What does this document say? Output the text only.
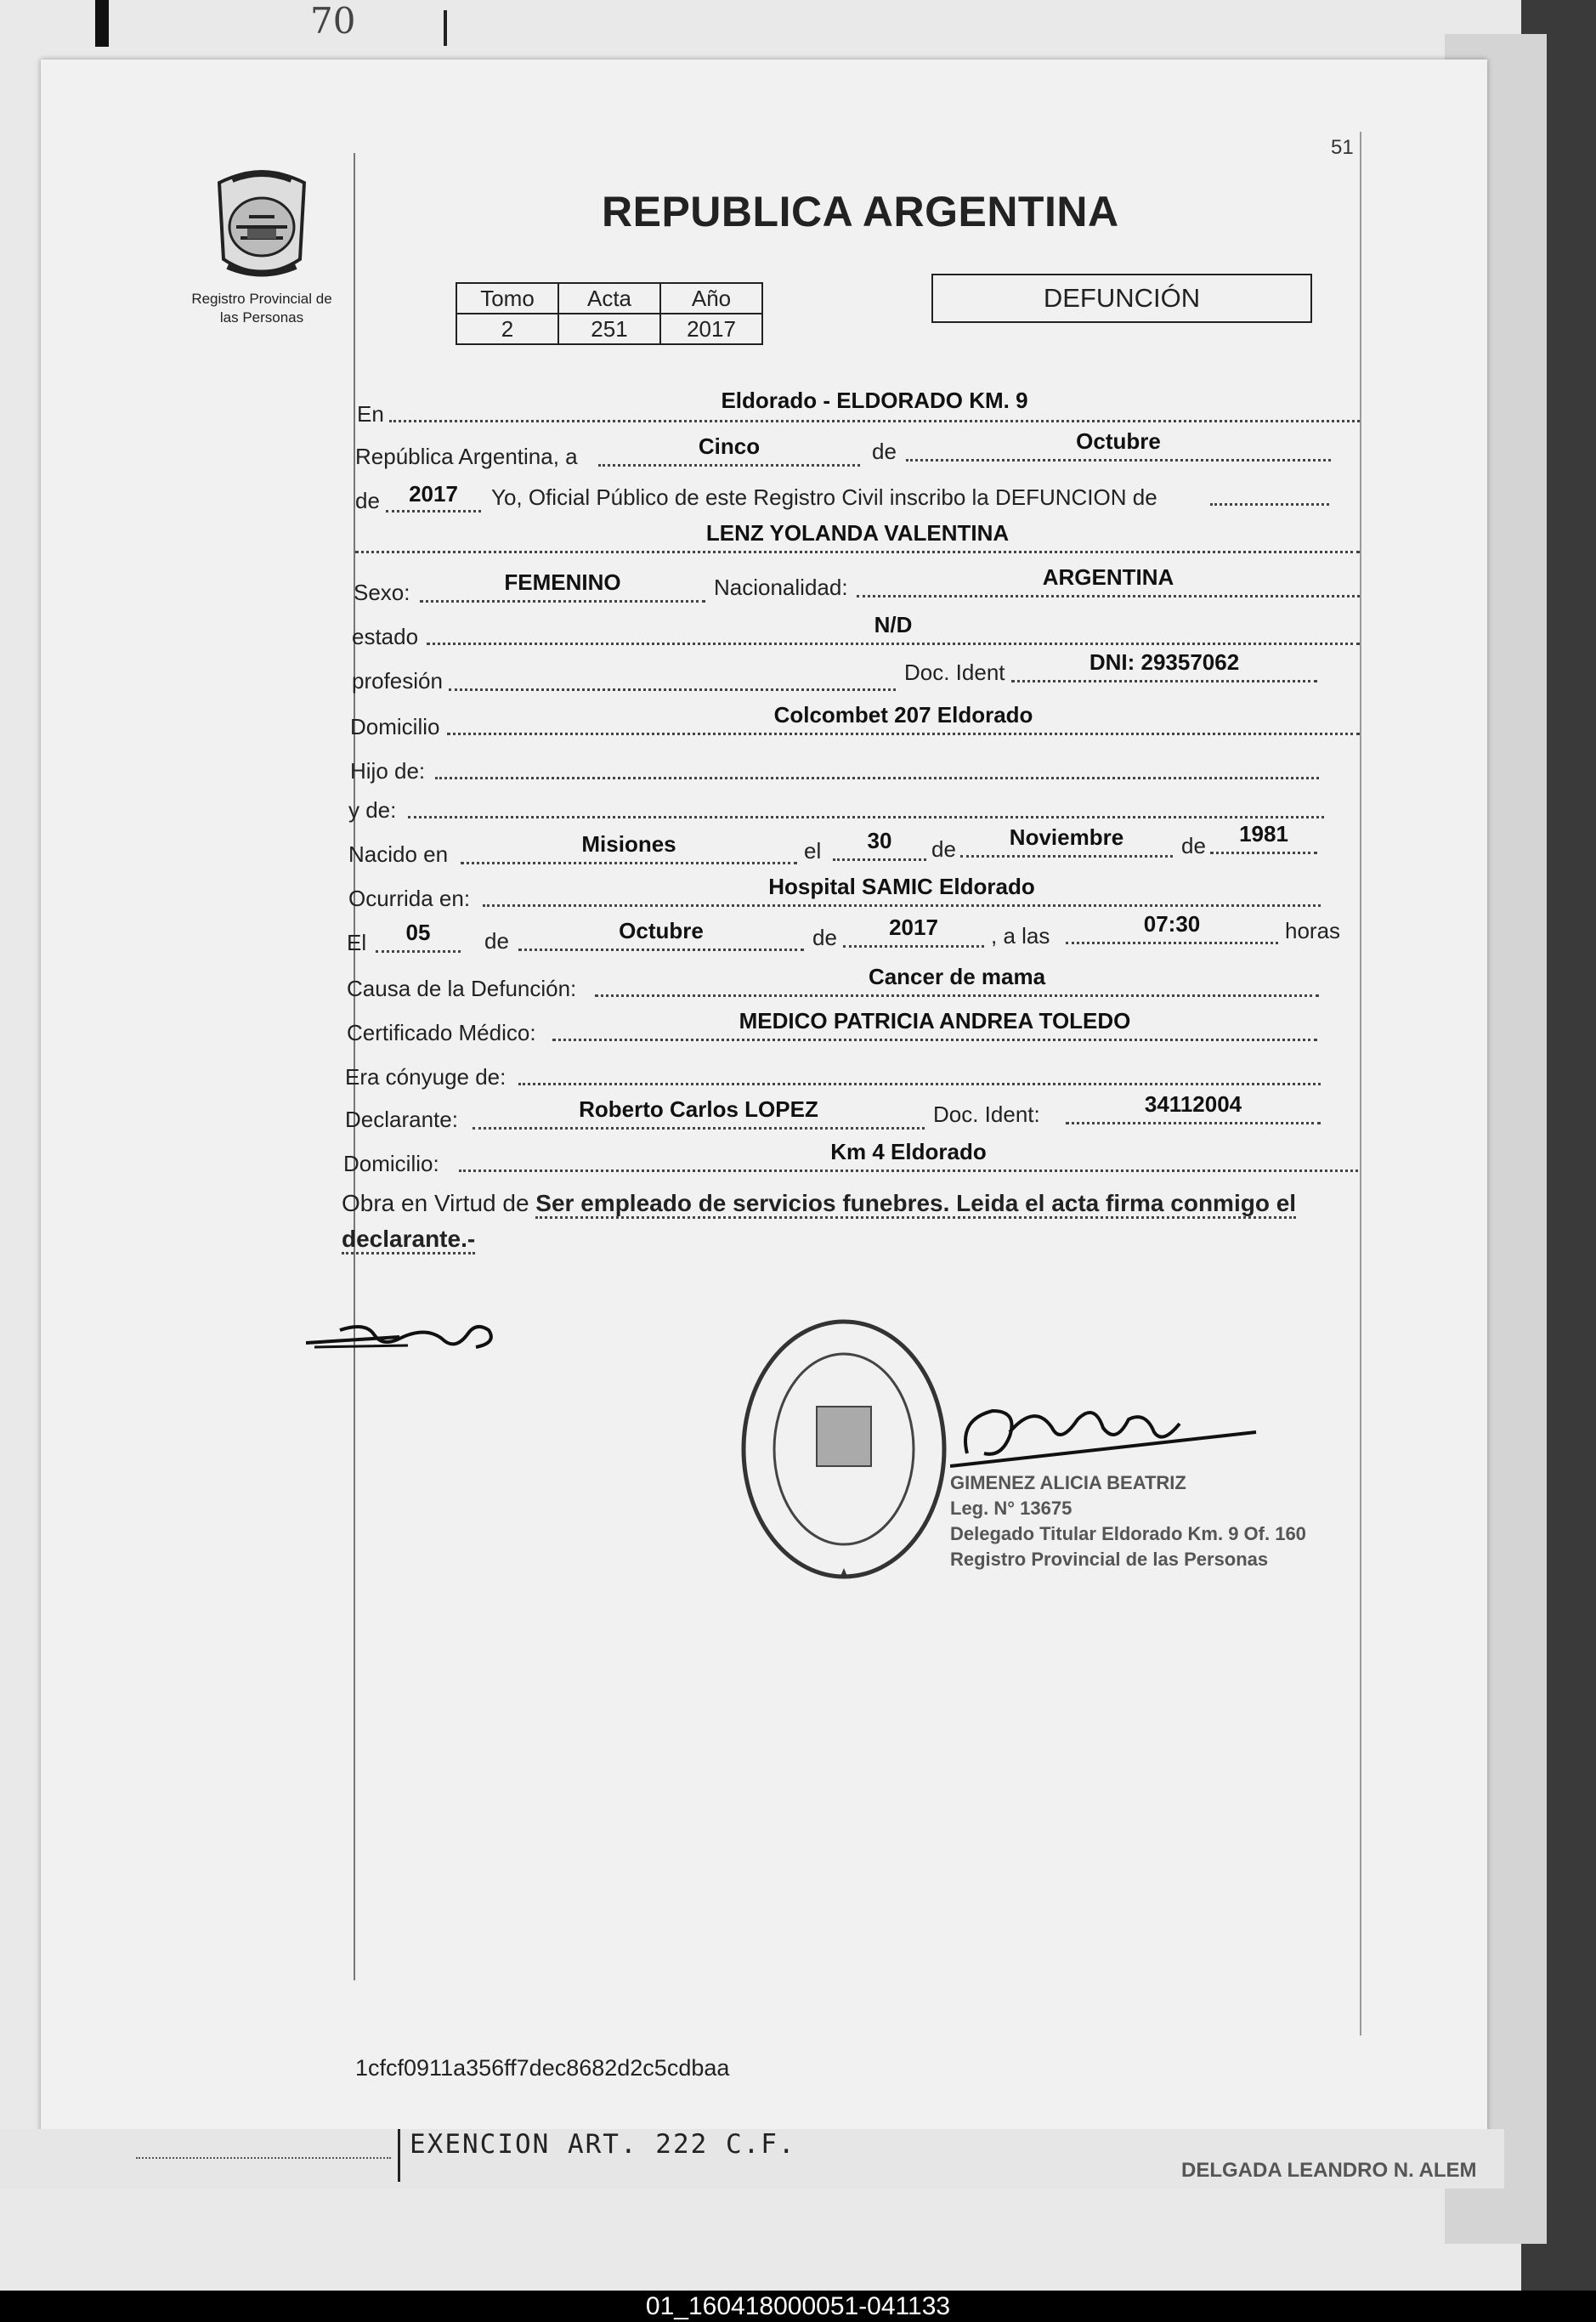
70
51
Registro Provincial de
las Personas
REPUBLICA ARGENTINA
Tomo	Acta	Año
2	251	2017
DEFUNCIÓN
En
Eldorado - ELDORADO KM. 9
República Argentina, a	Cinco	de	Octubre
de	2017	Yo, Oficial Público de este Registro Civil inscribo la DEFUNCION de
LENZ YOLANDA VALENTINA
Sexo:	FEMENINO	Nacionalidad:	ARGENTINA
estado	N/D
profesión	Doc. Ident	DNI: 29357062
Domicilio	Colcombet 207 Eldorado
Hijo de:
y de:
Nacido en	Misiones	el	30	de	Noviembre	de	1981
Ocurrida en:	Hospital SAMIC Eldorado
El	05	de	Octubre	de	2017	, a las	07:30	horas
Causa de la Defunción:	Cancer de mama
Certificado Médico:	MEDICO PATRICIA ANDREA TOLEDO
Era cónyuge de:
Declarante:	Roberto Carlos LOPEZ	Doc. Ident:	34112004
Domicilio:	Km 4 Eldorado
Obra en Virtud de Ser empleado de servicios funebres. Leida el acta firma conmigo el declarante.-
GIMENEZ ALICIA BEATRIZ
Leg. N° 13675
Delegado Titular Eldorado Km. 9 Of. 160
Registro Provincial de las Personas
1cfcf0911a356ff7dec8682d2c5cdbaa
EXENCION ART. 222 C.F.
DELGADA LEANDRO N. ALEM
01_160418000051-041133
